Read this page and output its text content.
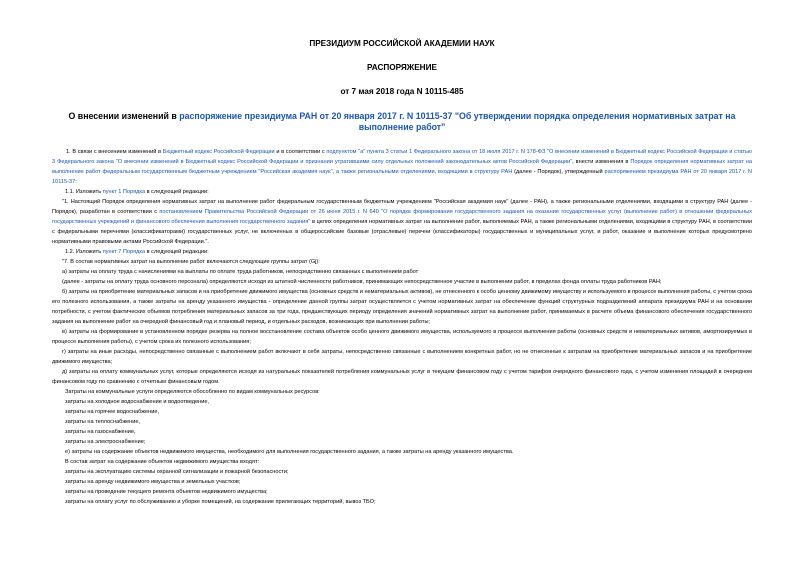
ПРЕЗИДИУМ РОССИЙСКОЙ АКАДЕМИИ НАУК
РАСПОРЯЖЕНИЕ
от 7 мая 2018 года N 10115-485
О внесении изменений в распоряжение президиума РАН от 20 января 2017 г. N 10115-37 "Об утверждении порядка определения нормативных затрат на выполнение работ"

1. В связи с внесением изменений в Бюджетный кодекс Российской Федерации и в соответствии с подпунктом "а" пункта 3 статьи 1 Федерального закона от 18 июля 2017 г. N 178-ФЗ "О внесении изменений в Бюджетный кодекс Российской Федерации и статью 3 Федерального закона "О внесении изменений в Бюджетный кодекс Российской Федерации и признании утратившими силу отдельных положений законодательных актов Российской Федерации", внести изменения в Порядок определения нормативных затрат на выполнение работ федеральным государственным бюджетным учреждением "Российская академия наук", а также региональными отделениями, входящими в структуру РАН (далее - Порядок), утвержденный распоряжением президиума РАН от 20 января 2017 г. N 10115-37:

1.1. Изложить пункт 1 Порядка в следующей редакции:

"1. Настоящий Порядок определения нормативных затрат на выполнение работ федеральным государственным бюджетным учреждением "Российская академия наук" (далее - РАН), а также региональными отделениями, входящими в структуру РАН (далее - Порядок), разработан в соответствии с постановлением Правительства Российской Федерации от 26 июня 2015 г. N 640 "О порядке формирования государственного задания на оказание государственных услуг (выполнение работ) в отношении федеральных государственных учреждений и финансового обеспечения выполнения государственного задания" в целях определения нормативных затрат на выполнение работ, выполняемых РАН, а также региональными отделениями, входящими в структуру РАН, в соответствии с федеральными перечнями (классификаторами) государственных услуг, не включенных в общероссийские базовые (отраслевые) перечни (классификаторы) государственных и муниципальных услуг, и работ, оказание и выполнение которых предусмотрено нормативными правовыми актами Российской Федерации.".

1.2. Изложить пункт 7 Порядка в следующей редакции:

"7. В состав нормативных затрат на выполнение работ включаются следующие группы затрат (Gj):

а) затраты на оплату труда с начислениями на выплаты по оплате труда работников, непосредственно связанных с выполнением работ

(далее - затраты на оплату труда основного персонала) определяются исходя из штатной численности работников, принимающих непосредственное участие в выполнении работ, в пределах фонда оплаты труда работников РАН;

б) затраты на приобретение материальных запасов и на приобретение движимого имущества (основных средств и нематериальных активов), не отнесенного к особо ценному движимому имуществу и используемого в процессе выполнения работы, с учетом срока его полезного использования, а также затраты на аренду указанного имущества - определение данной группы затрат осуществляется с учетом нормативных затрат на обеспечение функций структурных подразделений аппарата президиума РАН и на основании потребности, с учетом фактических объемов потребления материальных запасов за три года, предшествующих периоду определения значений нормативных затрат на выполнение работ, принимаемых в расчете объема финансового обеспечения государственного задания на выполнение работ на очередной финансовый год и плановый период, и отдельных расходов, возникающих при выполнении работы;

в) затраты на формирование в установленном порядке резерва на полное восстановление состава объектов особо ценного движимого имущества, используемого в процессе выполнения работы (основных средств и нематериальных активов, амортизируемых в процессе выполнения работы), с учетом срока их полезного использования;

г) затраты на иные расходы, непосредственно связанные с выполнением работ включают в себя затраты, непосредственно связанные с выполнением конкретных работ, но не отнесенные к затратам на приобретение материальных запасов и на приобретение движимого имущества;

д) затраты на оплату коммунальных услуг, которые определяются исходя из натуральных показателей потребления коммунальных услуг в текущем финансовом году с учетом тарифов очередного финансового года, с учетом изменения площадей в очередном финансовом году по сравнению с отчетным финансовым годом.

Затраты на коммунальные услуги определяются обособленно по видам коммунальных ресурсов:

затраты на холодное водоснабжение и водоотведение,

затраты на горячее водоснабжение,

затраты на теплоснабжение,

затраты на газоснабжение,

затраты на электроснабжение;

е) затраты на содержание объектов недвижимого имущества, необходимого для выполнения государственного задания, а также затраты на аренду указанного имущества.

В состав затрат на содержание объектов недвижимого имущества входят:

затраты на эксплуатацию системы охранной сигнализации и пожарной безопасности;

затраты на аренду недвижимого имущества и земельных участков;

затраты на проведение текущего ремонта объектов недвижимого имущества;

затраты на оплату услуг по обслуживанию и уборке помещений, на содержание прилегающих территорий, вывоз ТБО;
